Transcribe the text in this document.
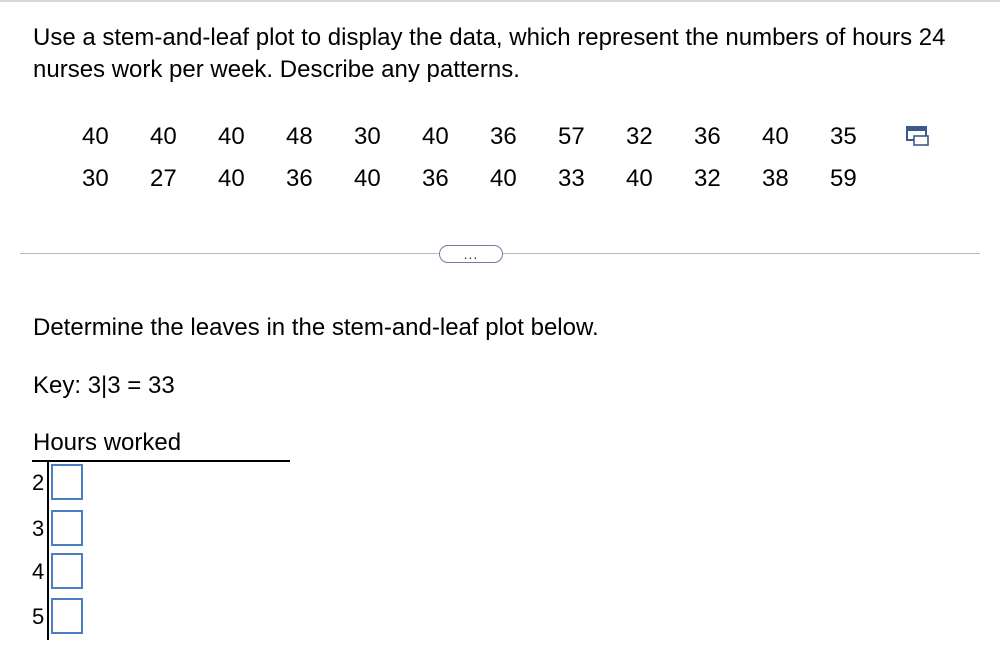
Use a stem-and-leaf plot to display the data, which represent the numbers of hours 24 nurses work per week. Describe any patterns.
40	40	40	48	30	40	36	57	32	36	40	35
30	27	40	36	40	36	40	33	40	32	38	59
...
Determine the leaves in the stem-and-leaf plot below.
Key: 3|3 = 33
Hours worked
2
3
4
5
